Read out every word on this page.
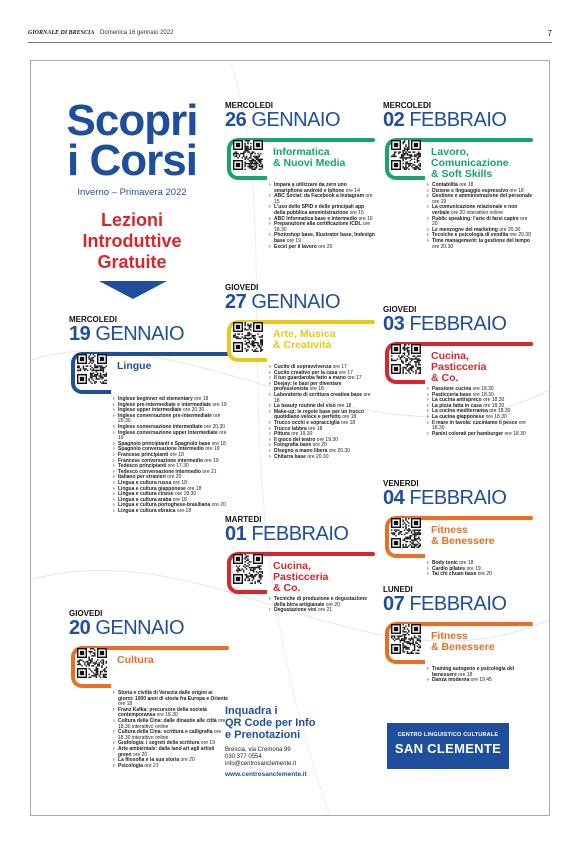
GIORNALE DI BRESCIA Domenica 16 gennaio 2022	7
Scopri
i Corsi
Inverno – Primavera 2022
Lezioni
Introduttive
Gratuite
MERCOLEDI
19 GENNAIO
Lingue
› Inglese beginner ed elementary ore 18
› Inglese pre-intermediate e intermediate ore 19
› Inglese upper intermediate ore 20.30
› Inglese conversazione pre-intermediate ore 20.30
› Inglese conversazione intermediate ore 20.30
› Inglese conversazione upper intermediate ore 19
› Spagnolo principianti e Spagnolo base ore 18
› Spagnolo conversazione intermedio ore 19
› Francese principianti ore 18
› Francese conversazione intermedio ore 19
› Tedesco principianti ore 17.30
› Tedesco conversazione intermedio ore 21
› Italiano per stranieri ore 20
› Lingua e cultura russa ore 18
› Lingua e cultura giapponese ore 18
› Lingua e cultura cinese ore 18.30
› Lingua e cultura araba ore 18
› Lingua e cultura portoghese-brasiliana ore 20
› Lingua e cultura ebraica ore 18
GIOVEDI
20 GENNAIO
Cultura
› Storia e civiltà di Venezia dalle origini ai giorni: 1000 anni di storia fra Europa e Oriente ore 18
› Franz Kafka: precursore della società contemporanea ore 18.30
› Cultura della Cina: dalle dinastie alle città ore 18.30 interattivo online
› Cultura della Cina: scrittura e calligrafia ore 18.30 interattivo online
› Grafologia: i segreti della scrittura ore 19
› Arte ambientale: dalla land art agli artisti green ore 20
› La filosofia e la sua storia ore 20
› Psicologia ore 21
MERCOLEDI
26 GENNAIO
Informatica
& Nuovi Media
› Impara a utilizzare da zero uno smartphone android e Iphone ore 14
› ABC Social: da Facebook a Instagram ore 15
› L'uso dello SPID e delle principali app della pubblica amministrazione ore 15
› ABC Informatica base e intermedio ore 16
› Preparazione alla certificazione ICDL ore 18.30
› Photoshop base, Illustrator base, Indesign base ore 19
› Excel per il lavoro ore 20
GIOVEDI
27 GENNAIO
Arte, Musica
& Creatività
› Cucito di sopravvivenza ore 17
› Cucito creativo per la casa ore 17
› Il tuo guardaroba fatto a mano ore 17
› Deejay: le basi per diventare professionista ore 18
› Laboratorio di scrittura creativa base ore 18
› La beauty routine del viso ore 18
› Make-up: le regole base per un trucco quotidiano veloce e perfetto ore 18
› Trucco occhi e sopracciglia ore 18
› Trucco labbra ore 18
› Pittura ore 19.30
› Il gioco del teatro ore 19.30
› Fotografia base ore 20
› Disegno a mano libera ore 20.30
› Chitarra base ore 20.30
MARTEDI
01 FEBBRAIO
Cucina,
Pasticceria
& Co.
› Tecniche di produzione e degustazione della birra artigianale ore 20
› Degustazione vini ore 21
MERCOLEDI
02 FEBBRAIO
Lavoro,
Comunicazione
& Soft Skills
› Contabilità ore 18
› Dizione e linguaggio espressivo ore 18
› Gestione e amministrazione del personale ore 19
› La comunicazione relazionale e non verbale ore 20 interattivo online
› Public speaking: l'arte di farsi capire ore 20
› Le menzogne del marketing ore 20.30
› Tecniche e psicologia di vendita ore 20.30
› Time management: la gestione del tempo ore 20.30
GIOVEDI
03 FEBBRAIO
Cucina,
Pasticceria
& Co.
› Passione cucina ore 18.30
› Pasticceria base ore 18.30
› La cucina antispreco ore 18.30
› La pizza fatta in casa ore 18.30
› La cucina mediterranea ore 18.30
› La cucina giapponese ore 18.30
› Il mare in tavola: cuciniamo il pesce ore 18.30
› Panini colorati per hamburger ore 18.30
VENERDI
04 FEBBRAIO
Fitness
& Benessere
› Body tonic ore 18
› Cardio pilates ore 19
› Tai chi chuan base ore 20
LUNEDI
07 FEBBRAIO
Fitness
& Benessere
› Training autogeno e psicologia del benessere ore 18
› Danza moderna ore 19.45
Inquadra i
QR Code per Info
e Prenotazioni
Brescia, via Cremona 99
030 377 0554
info@centrosanclemente.it
www.centrosanclemente.it
CENTRO LINGUISTICO CULTURALE
SAN CLEMENTE
